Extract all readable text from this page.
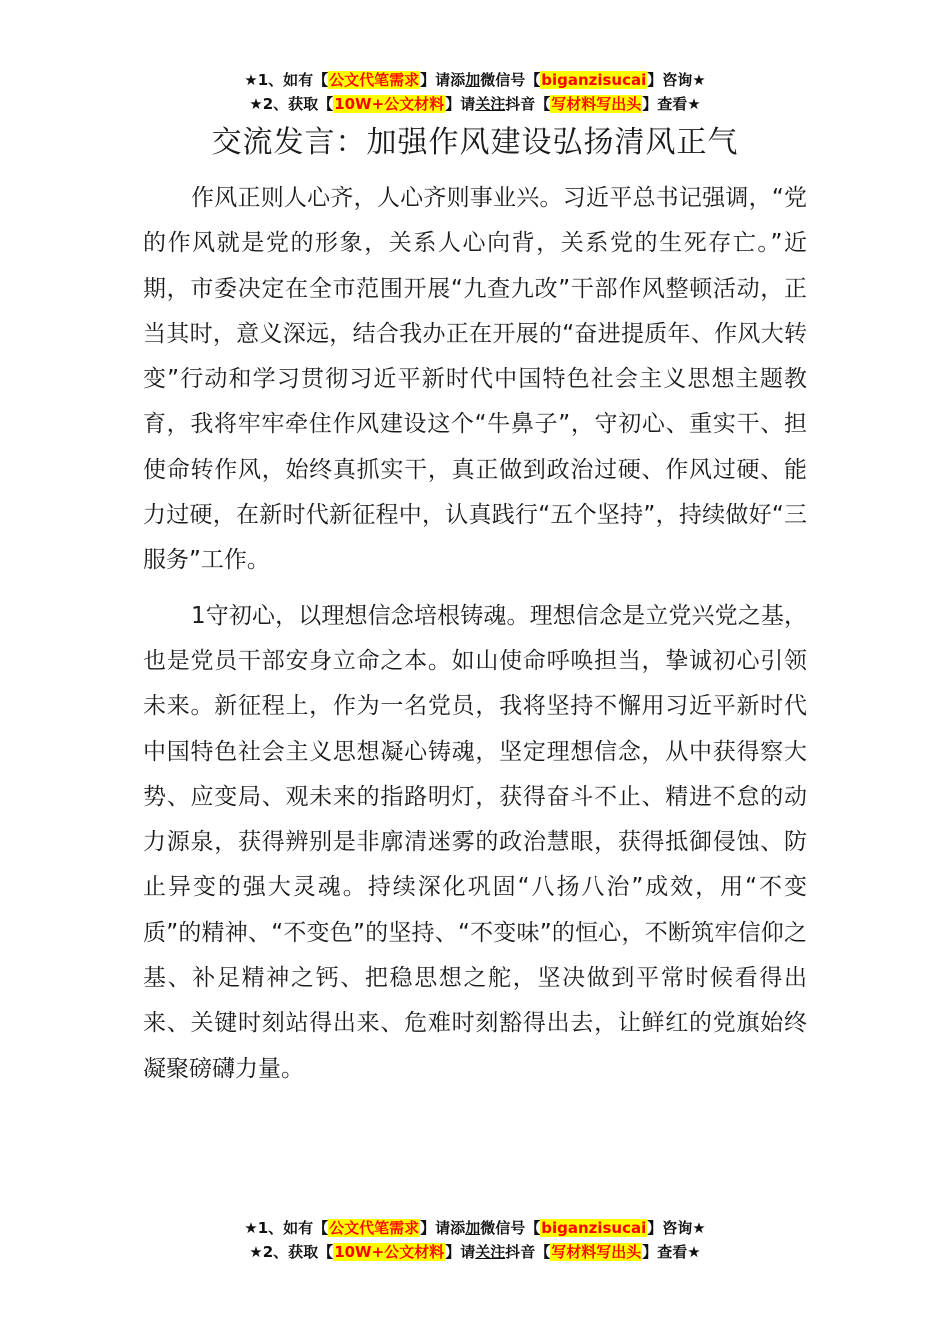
★1、如有【公文代笔需求】请添加微信号【biganzisucai】咨询★
★2、获取【10W+公文材料】请关注抖音【写材料写出头】查看★
交流发言：加强作风建设弘扬清风正气

作风正则人心齐，人心齐则事业兴。习近平总书记强调，“党的作风就是党的形象，关系人心向背，关系党的生死存亡。”近期，市委决定在全市范围开展“九查九改”干部作风整顿活动，正当其时，意义深远，结合我办正在开展的“奋进提质年、作风大转变”行动和学习贯彻习近平新时代中国特色社会主义思想主题教育，我将牢牢牵住作风建设这个“牛鼻子”，守初心、重实干、担使命转作风，始终真抓实干，真正做到政治过硬、作风过硬、能力过硬，在新时代新征程中，认真践行“五个坚持”，持续做好“三服务”工作。

1守初心，以理想信念培根铸魂。理想信念是立党兴党之基，也是党员干部安身立命之本。如山使命呼唤担当，挚诚初心引领未来。新征程上，作为一名党员，我将坚持不懈用习近平新时代中国特色社会主义思想凝心铸魂，坚定理想信念，从中获得察大势、应变局、观未来的指路明灯，获得奋斗不止、精进不怠的动力源泉，获得辨别是非廓清迷雾的政治慧眼，获得抵御侵蚀、防止异变的强大灵魂。持续深化巩固“八扬八治”成效，用“不变质”的精神、“不变色”的坚持、“不变味”的恒心，不断筑牢信仰之基、补足精神之钙、把稳思想之舵，坚决做到平常时候看得出来、关键时刻站得出来、危难时刻豁得出去，让鲜红的党旗始终凝聚磅礴力量。

★1、如有【公文代笔需求】请添加微信号【biganzisucai】咨询★
★2、获取【10W+公文材料】请关注抖音【写材料写出头】查看★
